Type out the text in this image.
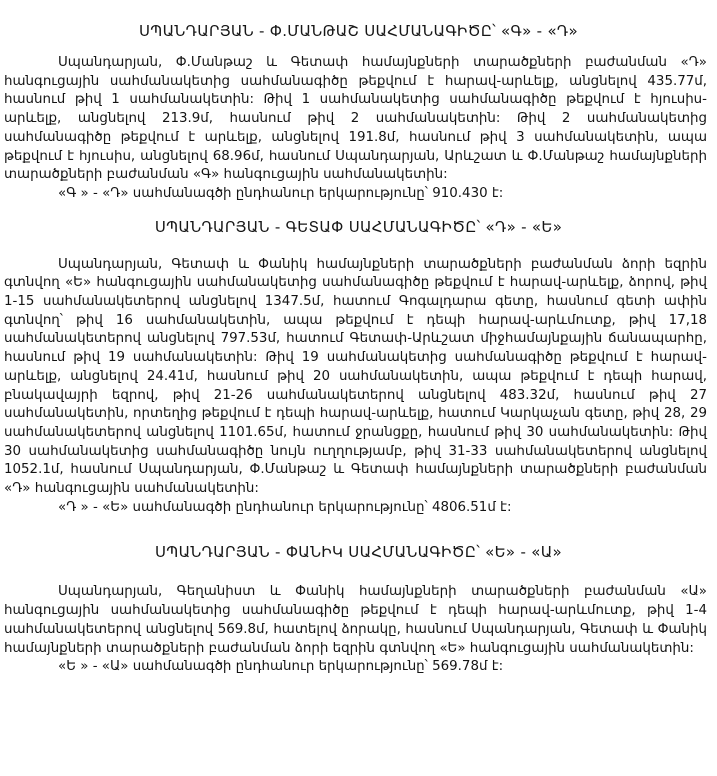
ՍՊԱՆԴԱՐՅԱՆ - Փ.ՄԱՆԹԱՇ ՍԱՀՄԱՆԱԳԻԾԸ՝ «Գ» - «Դ»

Սպանդարյան, Փ.Մանթաշ և Գետափ համայնքների տարածքների բաժանման «Դ» հանգուցային սահմանակետից սահմանագիծը թեքվում է հարավ-արևելք, անցնելով 435.77մ, հասնում թիվ 1 սահմանակետին: Թիվ 1 սահմանակետից սահմանագիծը թեքվում է հյուսիս-արևելք, անցնելով 213.9մ, հասնում թիվ 2 սահմանակետին: Թիվ 2 սահմանակետից սահմանագիծը թեքվում է արևելք, անցնելով 191.8մ, հասնում թիվ 3 սահմանակետին, ապա թեքվում է հյուսիս, անցնելով 68.96մ, հասնում Սպանդարյան, Արևշատ և Փ.Մանթաշ համայնքների տարածքների բաժանման «Գ» հանգուցային սահմանակետին:

«Գ » - «Դ» սահմանագծի ընդհանուր երկարությունը՝ 910.430 է:

ՍՊԱՆԴԱՐՅԱՆ - ԳԵՏԱՓ ՍԱՀՄԱՆԱԳԻԾԸ՝ «Դ» - «Ե»

Սպանդարյան, Գետափ և Փանիկ համայնքների տարածքների բաժանման ձորի եզրին գտնվող «Ե» հանգուցային սահմանակետից սահմանագիծը թեքվում է հարավ-արևելք, ձորով, թիվ 1-15 սահմանակետերով անցնելով 1347.5մ, հատում Գոգալդարա գետը, հասնում գետի ափին գտնվող՝ թիվ 16 սահմանակետին, ապա թեքվում է դեպի հարավ-արևմուտք, թիվ 17,18 սահմանակետերով անցնելով 797.53մ, հատում Գետափ-Արևշատ միջհամայնքային ճանապարհը, հասնում թիվ 19 սահմանակետին: Թիվ 19 սահմանակետից սահմանագիծը թեքվում է հարավ-արևելք, անցնելով 24.41մ, հասնում թիվ 20 սահմանակետին, ապա թեքվում է դեպի հարավ, բնակավայրի եզրով, թիվ 21-26 սահմանակետերով անցնելով 483.32մ, հասնում թիվ 27 սահմանակետին, որտեղից թեքվում է դեպի հարավ-արևելք, հատում Կարկաչան գետը, թիվ 28, 29 սահմանակետերով անցնելով 1101.65մ, հատում ջրանցքը, հասնում թիվ 30 սահմանակետին: Թիվ 30 սահմանակետից սահմանագիծը նույն ուղղությամբ, թիվ 31-33 սահմանակետերով անցնելով 1052.1մ, հասնում Սպանդարյան, Փ.Մանթաշ և Գետափ համայնքների տարածքների բաժանման «Դ» հանգուցային սահմանակետին:

«Դ » - «Ե» սահմանագծի ընդհանուր երկարությունը՝ 4806.51մ է:

ՍՊԱՆԴԱՐՅԱՆ - ՓԱՆԻԿ ՍԱՀՄԱՆԱԳԻԾԸ՝ «Ե» - «Ա»

Սպանդարյան, Գեղանիստ և Փանիկ համայնքների տարածքների բաժանման «Ա» հանգուցային սահմանակետից սահմանագիծը թեքվում է դեպի հարավ-արևմուտք, թիվ 1-4 սահմանակետերով անցնելով 569.8մ, հատելով ձորակը, հասնում Սպանդարյան, Գետափ և Փանիկ համայնքների տարածքների բաժանման ձորի եզրին գտնվող «Ե» հանգուցային սահմանակետին:

«Ե » - «Ա» սահմանագծի ընդհանուր երկարությունը՝ 569.78մ է:
